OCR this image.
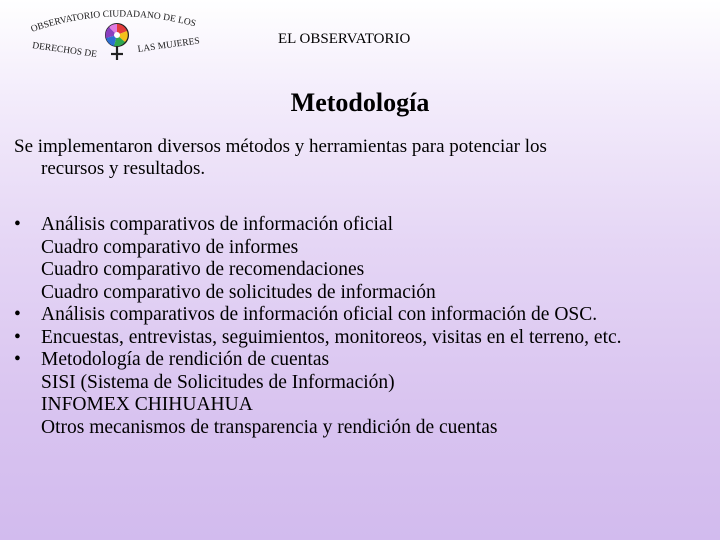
OBSERVATORIO CIUDADANO DE LOS
DERECHOS DE	LAS MUJERES	EL OBSERVATORIO
Metodología
Se implementaron diversos métodos y herramientas para potenciar los
recursos y resultados.
• Análisis comparativos de información oficial
Cuadro comparativo de informes
Cuadro comparativo de recomendaciones
Cuadro comparativo de solicitudes de información
• Análisis comparativos de información oficial con información de OSC.
• Encuestas, entrevistas, seguimientos, monitoreos, visitas en el terreno, etc.
• Metodología de rendición de cuentas
SISI (Sistema de Solicitudes de Información)
INFOMEX CHIHUAHUA
Otros mecanismos de transparencia y rendición de cuentas
